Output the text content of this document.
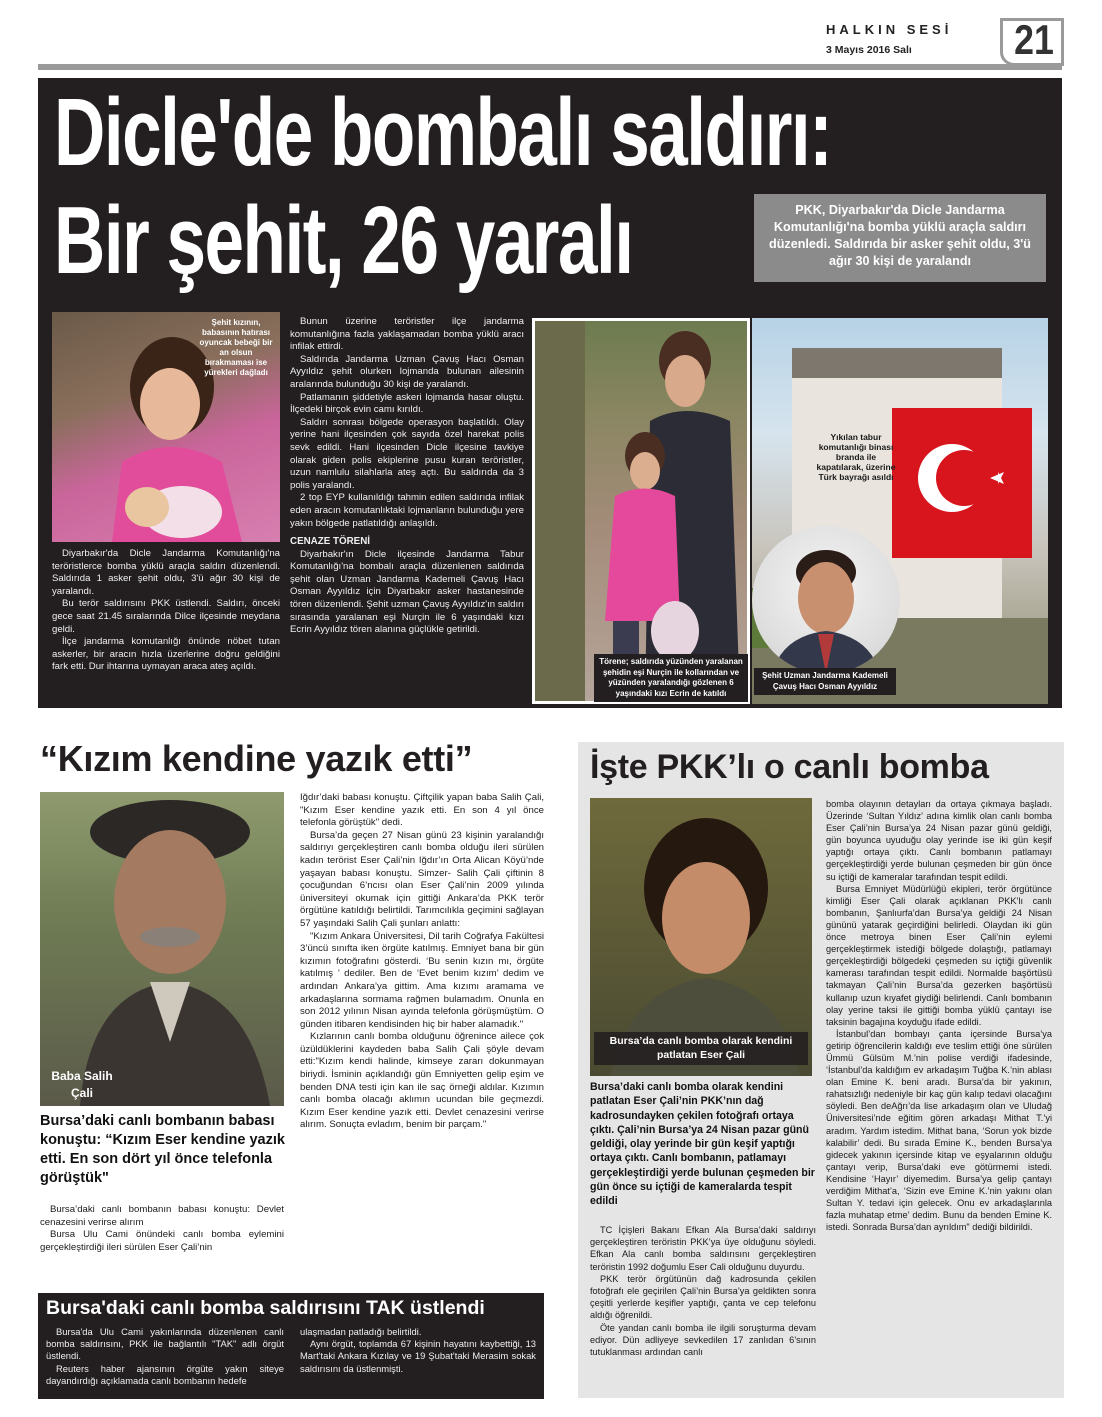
HALKIN SESİ
3 Mayıs 2016 Salı 21
Dicle'de bombalı saldırı:
Bir şehit, 26 yaralı	PKK, Diyarbakır'da Dicle Jandarma Komutanlığı'na bomba yüklü araçla saldırı düzenledi. Saldırıda bir asker şehit oldu, 3'ü ağır 30 kişi de yaralandı
Şehit kızının, babasının hatırası oyuncak bebeği bir an olsun bırakmaması ise yürekleri dağladı

Diyarbakır'da Dicle Jandarma Komutanlığı'na teröristlerce bomba yüklü araçla saldırı düzenlendi. Saldırıda 1 asker şehit oldu, 3'ü ağır 30 kişi de yaralandı.

Bu terör saldırısını PKK üstlendi. Saldırı, önceki gece saat 21.45 sıralarında Dilce ilçesinde meydana geldi.

İlçe jandarma komutanlığı önünde nöbet tutan askerler, bir aracın hızla üzerlerine doğru geldiğini fark etti. Dur ihtarına uymayan araca ateş açıldı.

Bunun üzerine teröristler ilçe jandarma komutanlığına fazla yaklaşamadan bomba yüklü aracı infilak ettirdi.

Saldırıda Jandarma Uzman Çavuş Hacı Osman Ayyıldız şehit olurken lojmanda bulunan ailesinin aralarında bulunduğu 30 kişi de yaralandı.

Patlamanın şiddetiyle askeri lojmanda hasar oluştu. İlçedeki birçok evin camı kırıldı.

Saldırı sonrası bölgede operasyon başlatıldı. Olay yerine hani ilçesinden çok sayıda özel harekat polis sevk edildi. Hani ilçesinden Dicle ilçesine tavkiye olarak giden polis ekiplerine pusu kuran teröristler, uzun namlulu silahlarla ateş açtı. Bu saldırıda da 3 polis yaralandı.

2 top EYP kullanıldığı tahmin edilen saldırıda infilak eden aracın komutanlıktaki lojmanların bulunduğu yere yakın bölgede patlatıldığı anlaşıldı.

CENAZE TÖRENİ

Diyarbakır'ın Dicle ilçesinde Jandarma Tabur Komutanlığı'na bombalı araçla düzenlenen saldırıda şehit olan Uzman Jandarma Kademeli Çavuş Hacı Osman Ayyıldız için Diyarbakır asker hastanesinde tören düzenlendi. Şehit uzman Çavuş Ayyıldız'ın saldırı sırasında yaralanan eşi Nurçin ile 6 yaşındaki kızı Ecrin Ayyıldız tören alanına güçlükle getirildi.

Törene; saldırıda yüzünden yaralanan şehidin eşi Nurçin ile kollarından ve yüzünden yaralandığı gözlenen 6 yaşındaki kızı Ecrin de katıldı
Yıkılan tabur komutanlığı binası branda ile kapatılarak, üzerine Türk bayrağı asıldı
Şehit Uzman Jandarma Kademeli Çavuş Hacı Osman Ayyıldız
“Kızım kendine yazık etti”
Baba Salih Çali
Bursa’daki canlı bombanın babası konuştu: “Kızım Eser kendine yazık etti. En son dört yıl önce telefonla görüştük"

Bursa’daki canlı bombanın babası konuştu: Devlet cenazesini verirse alırım

Bursa Ulu Cami önündeki canlı bomba eylemini gerçekleştirdiği ileri sürülen Eser Çali’nin

Iğdır’daki babası konuştu. Çiftçilik yapan baba Salih Çali, "Kızım Eser kendine yazık etti. En son 4 yıl önce telefonla görüştük" dedi.

Bursa’da geçen 27 Nisan günü 23 kişinin yaralandığı saldırıyı gerçekleştiren canlı bomba olduğu ileri sürülen kadın terörist Eser Çali’nin Iğdır’ın Orta Alican Köyü’nde yaşayan babası konuştu. Simzer- Salih Çali çiftinin 8 çocuğundan 6’ncısı olan Eser Çali’nin 2009 yılında üniversiteyi okumak için gittiği Ankara’da PKK terör örgütüne katıldığı belirtildi. Tarımcılıkla geçimini sağlayan 57 yaşındaki Salih Çali şunları anlattı:

"Kızım Ankara Üniversitesi, Dil tarih Coğrafya Fakültesi 3’üncü sınıfta iken örgüte katılmış. Emniyet bana bir gün kızımın fotoğrafını gösterdi. ‘Bu senin kızın mı, örgüte katılmış ’ dediler. Ben de ‘Evet benim kızım’ dedim ve ardından Ankara’ya gittim. Ama kızımı aramama ve arkadaşlarına sormama rağmen bulamadım. Onunla en son 2012 yılının Nisan ayında telefonla görüşmüştüm. O günden itibaren kendisinden hiç bir haber alamadık."

Kızlarının canlı bomba olduğunu öğrenince ailece çok üzüldüklerini kaydeden baba Salih Çali şöyle devam etti:"Kızım kendi halinde, kimseye zararı dokunmayan biriydi. İsminin açıklandığı gün Emniyetten gelip eşim ve benden DNA testi için kan ile saç örneği aldılar. Kızımın canlı bomba olacağı aklımın ucundan bile geçmezdi. Kızım Eser kendine yazık etti. Devlet cenazesini verirse alırım. Sonuçta evladım, benim bir parçam."

Bursa'daki canlı bomba saldırısını TAK üstlendi

Bursa'da Ulu Cami yakınlarında düzenlenen canlı bomba saldırısını, PKK ile bağlantılı "TAK" adlı örgüt üstlendi.

Reuters haber ajansının örgüte yakın siteye dayandırdığı açıklamada canlı bombanın hedefe

ulaşmadan patladığı belirtildi.

Aynı örgüt, toplamda 67 kişinin hayatını kaybettiği, 13 Mart'taki Ankara Kızılay ve 19 Şubat'taki Merasim sokak saldırısını da üstlenmişti.

İşte PKK’lı o canlı bomba
Bursa’da canlı bomba olarak kendini patlatan Eser Çali
Bursa’daki canlı bomba olarak kendini patlatan Eser Çali’nin PKK’nın dağ kadrosundayken çekilen fotoğrafı ortaya çıktı. Çali’nin Bursa’ya 24 Nisan pazar günü geldiği, olay yerinde bir gün keşif yaptığı ortaya çıktı. Canlı bombanın, patlamayı gerçekleştirdiği yerde bulunan çeşmeden bir gün önce su içtiği de kameralarda tespit edildi

TC İçişleri Bakanı Efkan Ala Bursa’daki saldırıyı gerçekleştiren teröristin PKK’ya üye olduğunu söyledi. Efkan Ala canlı bomba saldırısını gerçekleştiren teröristin 1992 doğumlu Eser Cali olduğunu duyurdu.

PKK terör örgütünün dağ kadrosunda çekilen fotoğrafı ele geçirilen Çali’nin Bursa’ya geldikten sonra çeşitli yerlerde keşifler yaptığı, çanta ve cep telefonu aldığı öğrenildi.

Öte yandan canlı bomba ile ilgili soruşturma devam ediyor. Dün adliyeye sevkedilen 17 zanlıdan 6’sının tutuklanması ardından canlı

bomba olayının detayları da ortaya çıkmaya başladı. Üzerinde ‘Sultan Yıldız’ adına kimlik olan canlı bomba Eser Çali’nin Bursa’ya 24 Nisan pazar günü geldiği, gün boyunca uyuduğu olay yerinde ise iki gün keşif yaptığı ortaya çıktı. Canlı bombanın patlamayı gerçekleştirdiği yerde bulunan çeşmeden bir gün önce su içtiği de kameralar tarafından tespit edildi.

Bursa Emniyet Müdürlüğü ekipleri, terör örgütünce kimliği Eser Çali olarak açıklanan PKK’lı canlı bombanın, Şanlıurfa’dan Bursa’ya geldiği 24 Nisan gününü yatarak geçirdiğini belirledi. Olaydan iki gün önce metroya binen Eser Çali’nin eylemi gerçekleştirmek istediği bölgede dolaştığı, patlamayı gerçekleştirdiği bölgedeki çeşmeden su içtiği güvenlik kamerası tarafından tespit edildi. Normalde başörtüsü takmayan Çali’nin Bursa’da gezerken başörtüsü kullanıp uzun kıyafet giydiği belirlendi. Canlı bombanın olay yerine taksi ile gittiği bomba yüklü çantayı ise taksinin bagajına koyduğu ifade edildi.

İstanbul’dan bombayı çanta içersinde Bursa’ya getirip öğrencilerin kaldığı eve teslim ettiği öne sürülen Ümmü Gülsüm M.’nin polise verdiği ifadesinde, ‘İstanbul’da kaldığım ev arkadaşım Tuğba K.’nin ablası olan Emine K. beni aradı. Bursa’da bir yakının, rahatsızlığı nedeniyle bir kaç gün kalıp tedavi olacağını söyledi. Ben deAğrı’da lise arkadaşım olan ve Uludağ Üniversitesi’nde eğitim gören arkadaşı Mithat T.’yi aradım. Yardım istedim. Mithat bana, ‘Sorun yok bizde kalabilir’ dedi. Bu sırada Emine K., benden Bursa’ya gidecek yakının içersinde kitap ve eşyalarının olduğu çantayı verip, Bursa’daki eve götürmemi istedi. Kendisine ‘Hayır’ diyemedim. Bursa’ya gelip çantayı verdiğim Mithat’a, ‘Sizin eve Emine K.’nin yakını olan Sultan Y. tedavi için gelecek. Onu ev arkadaşlarınla fazla muhatap etme’ dedim. Bunu da benden Emine K. istedi. Sonrada Bursa’dan ayrıldım" dediği bildirildi.
